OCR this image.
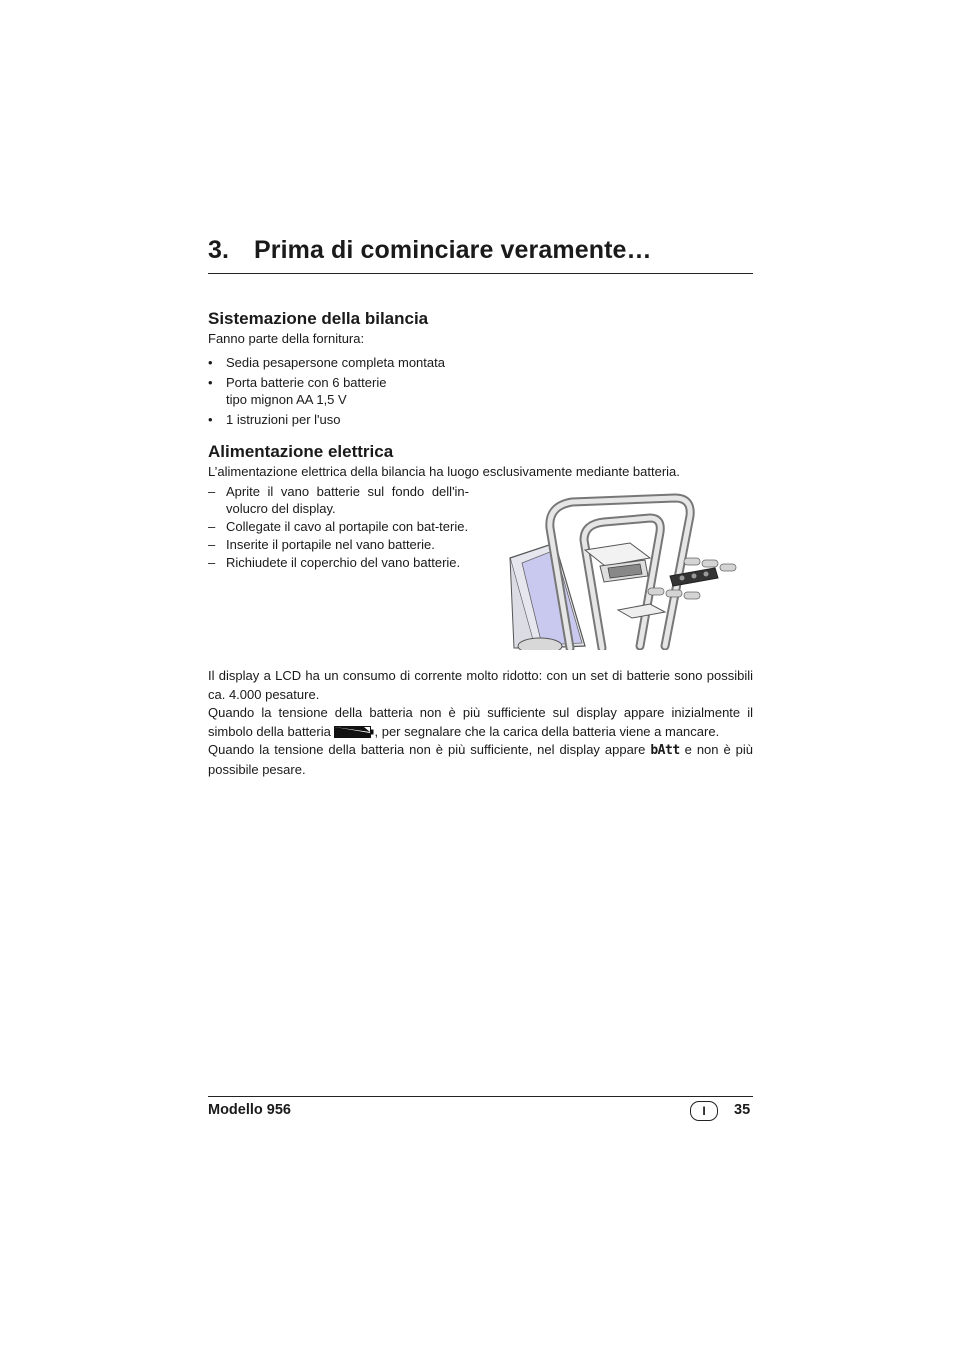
3. Prima di cominciare veramente…
Sistemazione della bilancia
Fanno parte della fornitura:
• Sedia pesapersone completa montata
• Porta batterie con 6 batterie
tipo mignon AA 1,5 V
• 1 istruzioni per l'uso
Alimentazione elettrica
L’alimentazione elettrica della bilancia ha luogo esclusivamente mediante batteria.
– Aprite il vano batterie sul fondo dell'in-volucro del display.
– Collegate il cavo al portapile con bat-terie.
– Inserite il portapile nel vano batterie.
– Richiudete il coperchio del vano batterie.
Il display a LCD ha un consumo di corrente molto ridotto: con un set di batterie sono possibili ca. 4.000 pesature.
Quando la tensione della batteria non è più sufficiente sul display appare inizialmente il simbolo della batteria	, per segnalare che la carica della batteria viene a mancare.
Quando la tensione della batteria non è più sufficiente, nel display appare bAtt e non è più possibile pesare.
Modello 956	I	35
